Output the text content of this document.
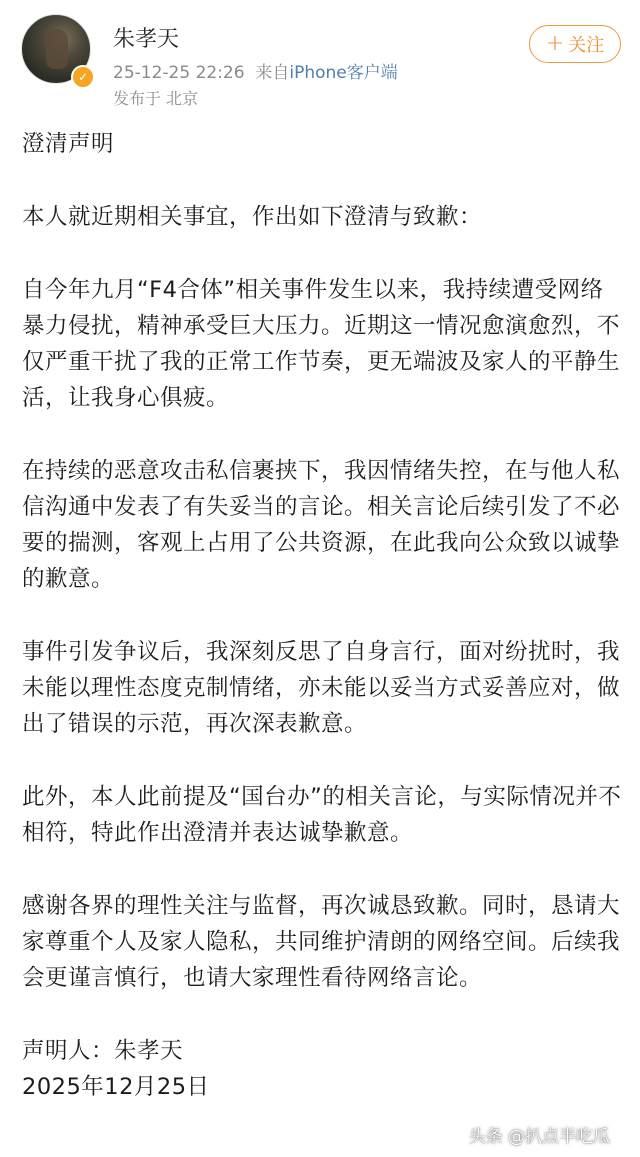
✓
朱孝天
25-12-25 22:26 来自iPhone客户端
发布于 北京
+ 关注

澄清声明

本人就近期相关事宜，作出如下澄清与致歉：

自今年九月“F4合体”相关事件发生以来，我持续遭受网络暴力侵扰，精神承受巨大压力。近期这一情况愈演愈烈，不仅严重干扰了我的正常工作节奏，更无端波及家人的平静生活，让我身心俱疲。

在持续的恶意攻击私信裹挟下，我因情绪失控，在与他人私信沟通中发表了有失妥当的言论。相关言论后续引发了不必要的揣测，客观上占用了公共资源，在此我向公众致以诚挚的歉意。

事件引发争议后，我深刻反思了自身言行，面对纷扰时，我未能以理性态度克制情绪，亦未能以妥当方式妥善应对，做出了错误的示范，再次深表歉意。

此外，本人此前提及“国台办”的相关言论，与实际情况并不相符，特此作出澄清并表达诚挚歉意。

感谢各界的理性关注与监督，再次诚恳致歉。同时，恳请大家尊重个人及家人隐私，共同维护清朗的网络空间。后续我会更谨言慎行，也请大家理性看待网络言论。

声明人：朱孝天

2025年12月25日

头条 @扒点半吃瓜
